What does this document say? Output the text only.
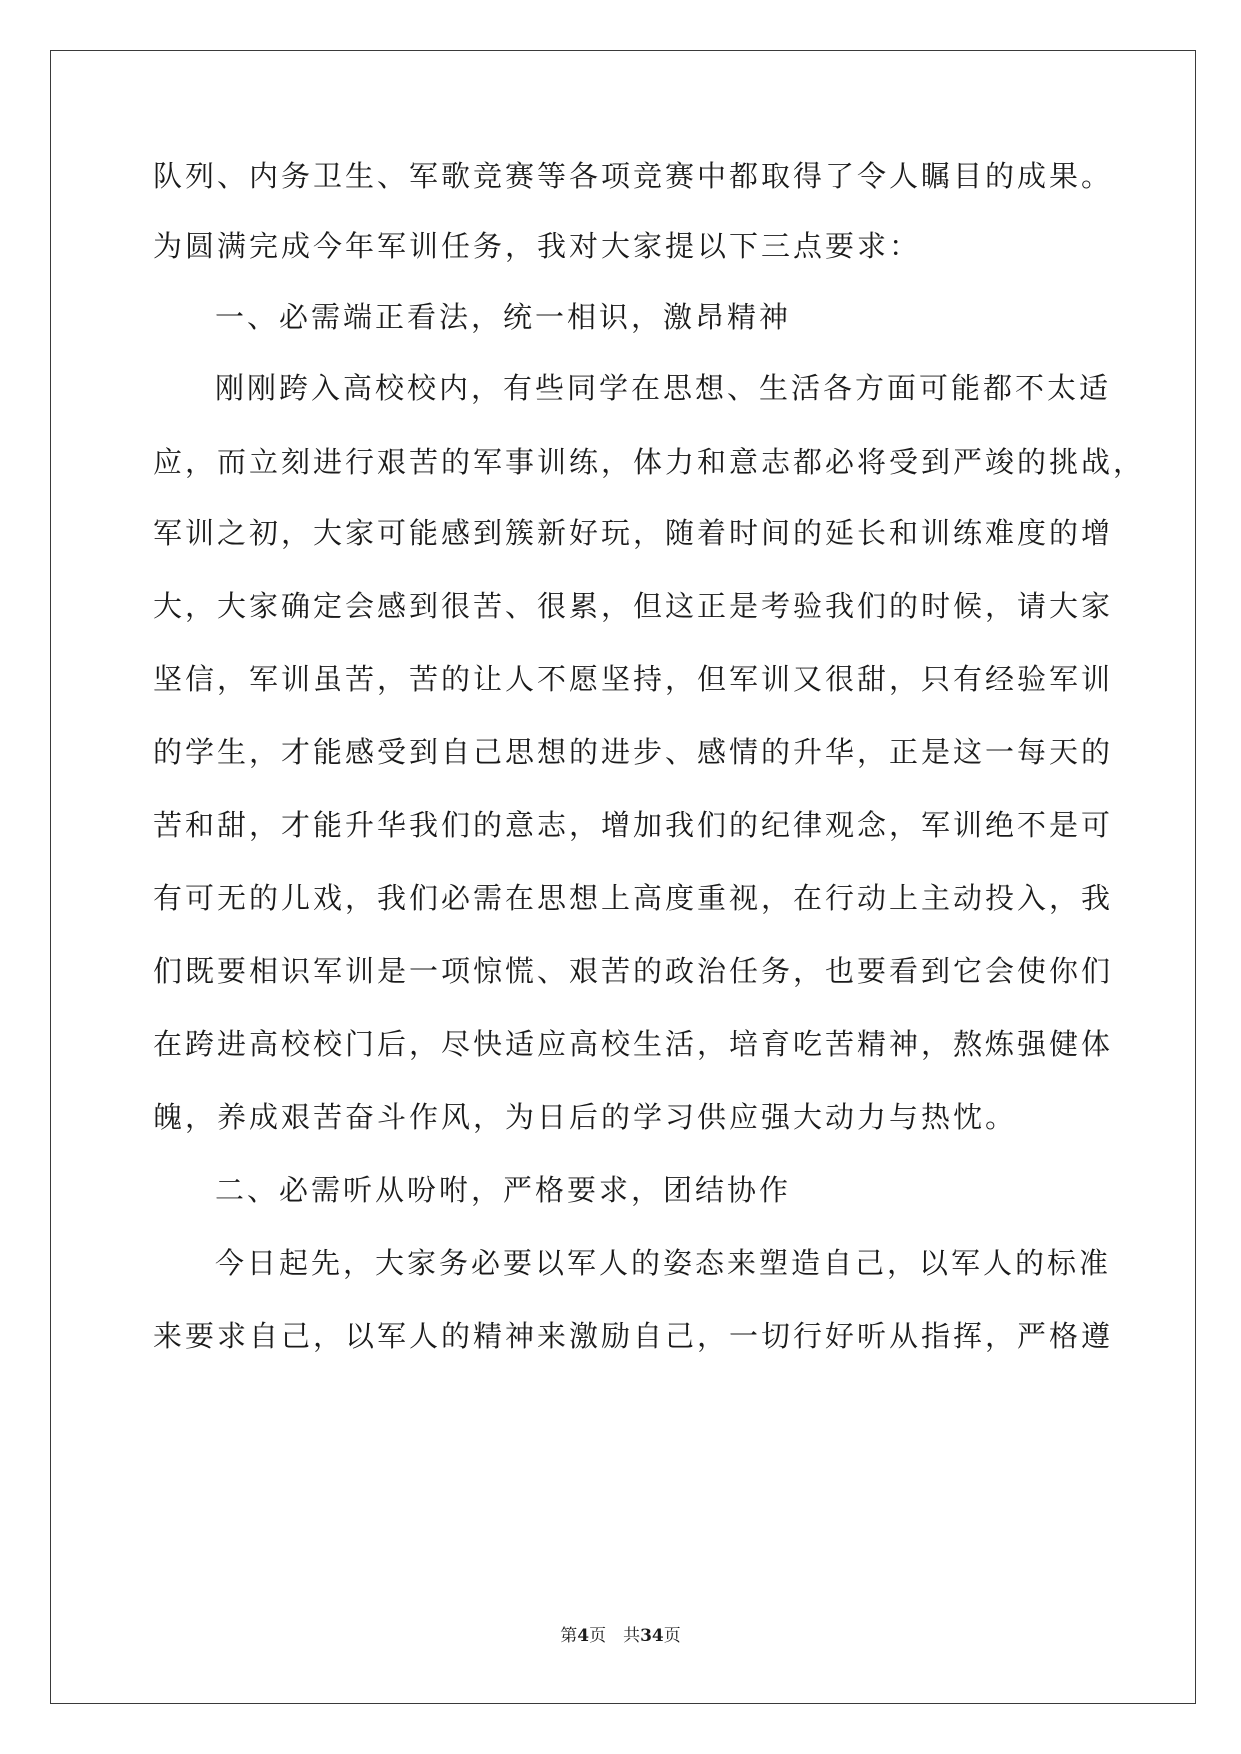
队列、内务卫生、军歌竞赛等各项竞赛中都取得了令人瞩目的成果。
为圆满完成今年军训任务，我对大家提以下三点要求：
一、必需端正看法，统一相识，激昂精神
刚刚跨入高校校内，有些同学在思想、生活各方面可能都不太适
应，而立刻进行艰苦的军事训练，体力和意志都必将受到严竣的挑战，
军训之初，大家可能感到簇新好玩，随着时间的延长和训练难度的增
大，大家确定会感到很苦、很累，但这正是考验我们的时候，请大家
坚信，军训虽苦，苦的让人不愿坚持，但军训又很甜，只有经验军训
的学生，才能感受到自己思想的进步、感情的升华，正是这一每天的
苦和甜，才能升华我们的意志，增加我们的纪律观念，军训绝不是可
有可无的儿戏，我们必需在思想上高度重视，在行动上主动投入，我
们既要相识军训是一项惊慌、艰苦的政治任务，也要看到它会使你们
在跨进高校校门后，尽快适应高校生活，培育吃苦精神，熬炼强健体
魄，养成艰苦奋斗作风，为日后的学习供应强大动力与热忱。
二、必需听从吩咐，严格要求，团结协作
今日起先，大家务必要以军人的姿态来塑造自己，以军人的标准
来要求自己，以军人的精神来激励自己，一切行好听从指挥，严格遵
第4页　共34页
